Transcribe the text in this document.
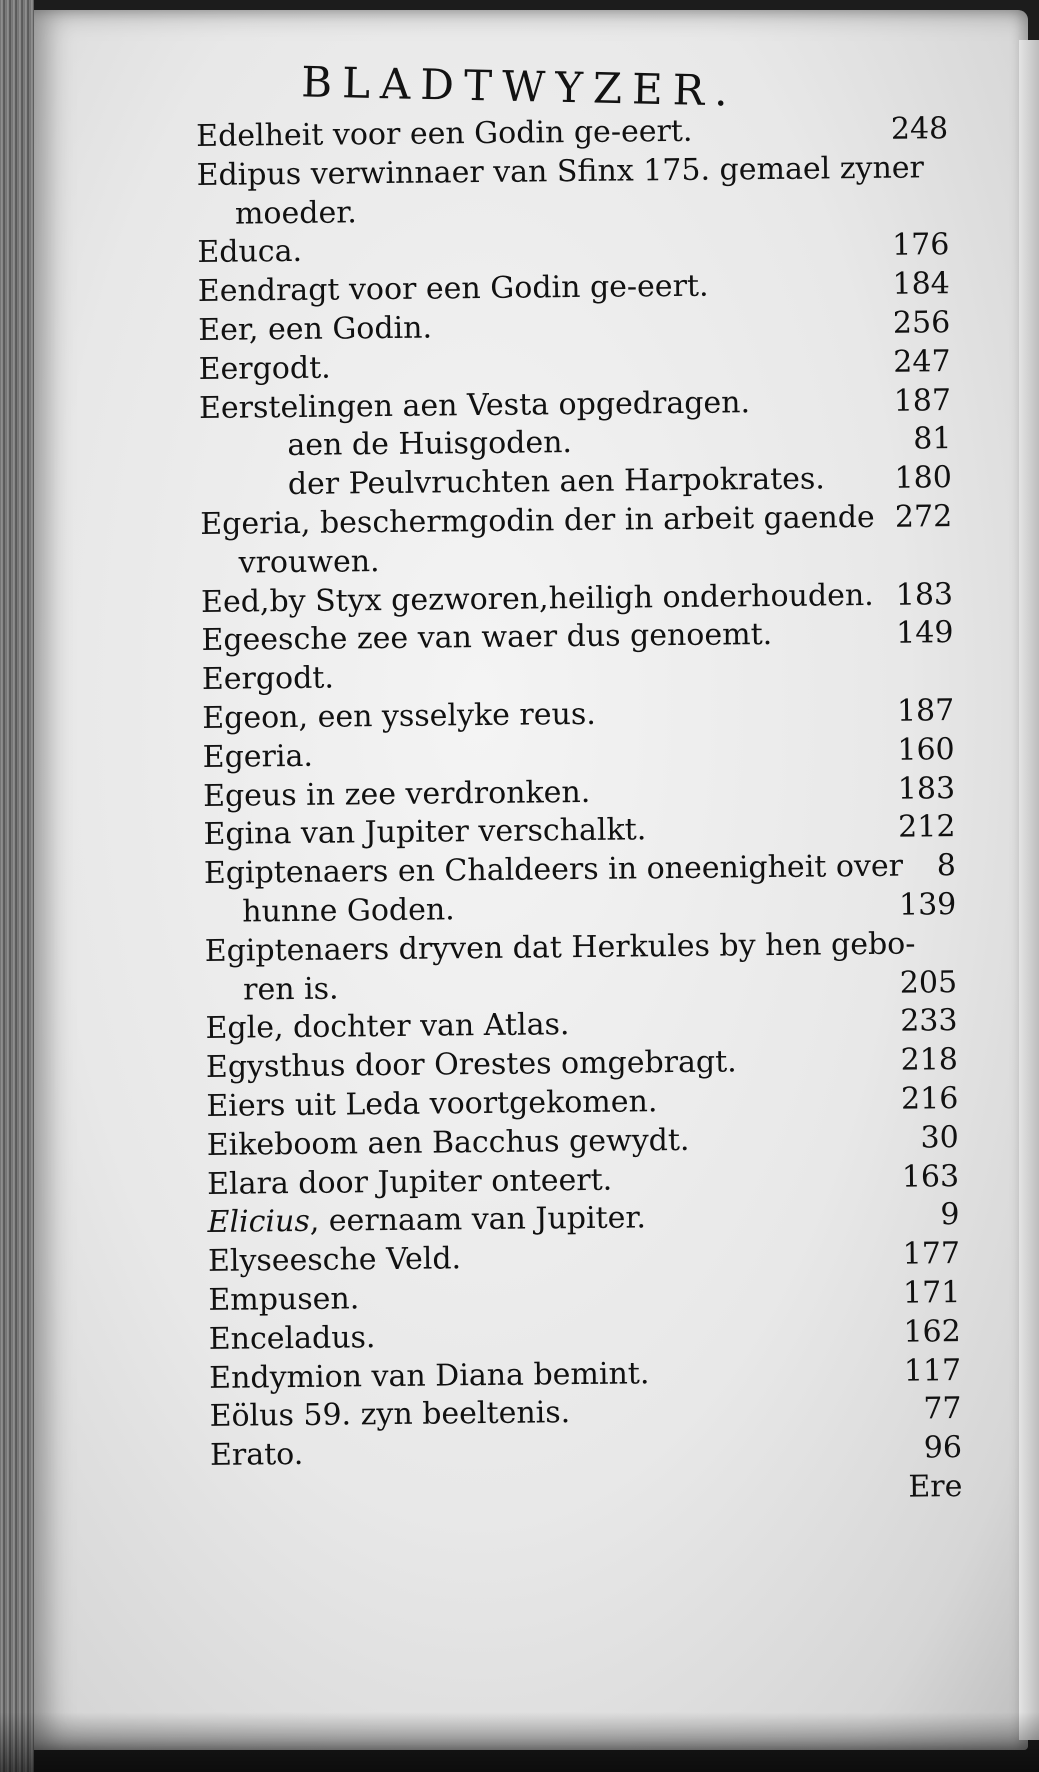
BLADTWYZER.
Edelheit voor een Godin ge-eert.	248
Edipus verwinnaer van Sfinx 175. gemael zyner
moeder.
Educa.	176
Eendragt voor een Godin ge-eert.	184
Eer, een Godin.	256
Eergodt.	247
Eerstelingen aen Vesta opgedragen.	187
aen de Huisgoden.	81
der Peulvruchten aen Harpokrates. 180
Egeria, beschermgodin der in arbeit gaende 272
vrouwen.
Eed,by Styx gezworen,heiligh onderhouden. 183
Egeesche zee van waer dus genoemt.	149
Eergodt.
Egeon, een ysselyke reus.	187
Egeria.	160
Egeus in zee verdronken.	183
Egina van Jupiter verschalkt.	212
Egiptenaers en Chaldeers in oneenigheit over 8
hunne Goden.	139
Egiptenaers dryven dat Herkules by hen gebo-
ren is.	205
Egle, dochter van Atlas.	233
Egysthus door Orestes omgebragt.	218
Eiers uit Leda voortgekomen.	216
Eikeboom aen Bacchus gewydt.	30
Elara door Jupiter onteert.	163
Elicius, eernaam van Jupiter.	9
Elyseesche Veld.	177
Empusen.	171
Enceladus.	162
Endymion van Diana bemint.	117
Eölus 59. zyn beeltenis.	77
Erato.	96
Ere
